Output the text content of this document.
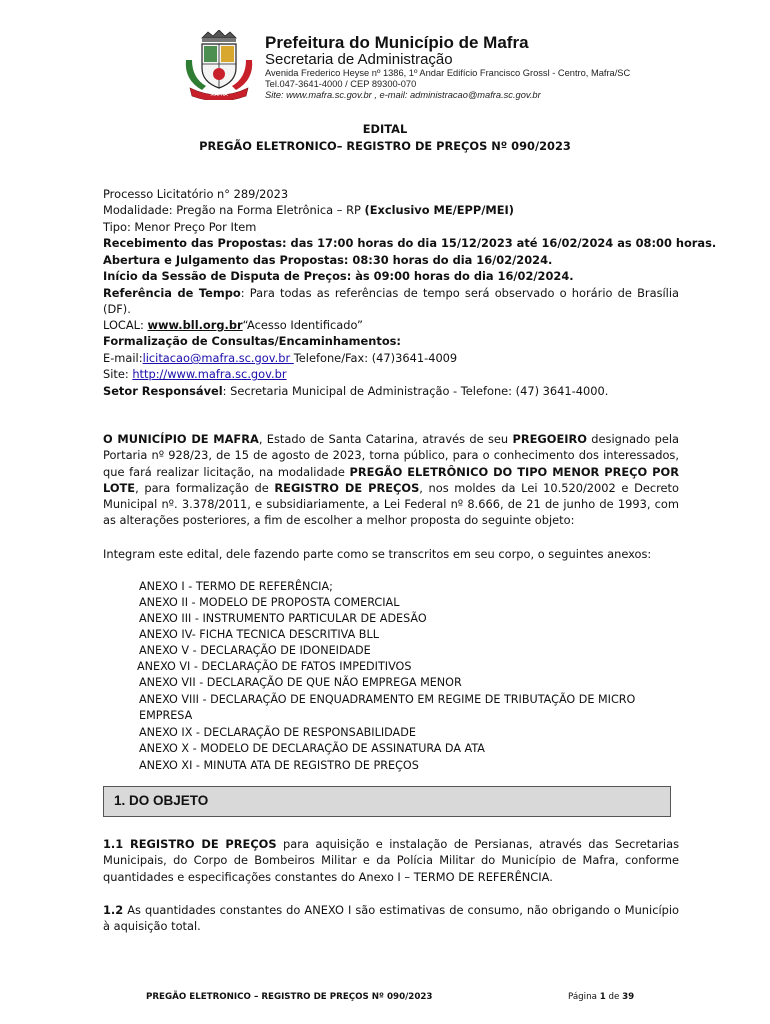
MAFRA
Prefeitura do Município de Mafra
Secretaria de Administração
Avenida Frederico Heyse nº 1386, 1º Andar Edifício Francisco Grossl - Centro, Mafra/SC
Tel.047-3641-4000 / CEP 89300-070
Site: www.mafra.sc.gov.br , e-mail: administracao@mafra.sc.gov.br
EDITAL
PREGÃO ELETRONICO– REGISTRO DE PREÇOS Nº 090/2023
Processo Licitatório n° 289/2023
Modalidade: Pregão na Forma Eletrônica – RP (Exclusivo ME/EPP/MEI)
Tipo: Menor Preço Por Item
Recebimento das Propostas: das 17:00 horas do dia 15/12/2023 até 16/02/2024 as 08:00 horas.
Abertura e Julgamento das Propostas: 08:30 horas do dia 16/02/2024.
Início da Sessão de Disputa de Preços: às 09:00 horas do dia 16/02/2024.
Referência de Tempo: Para todas as referências de tempo será observado o horário de Brasília (DF).
LOCAL: www.bll.org.br“Acesso Identificado”
Formalização de Consultas/Encaminhamentos:
E-mail:licitacao@mafra.sc.gov.br Telefone/Fax: (47)3641-4009
Site: http://www.mafra.sc.gov.br
Setor Responsável: Secretaria Municipal de Administração - Telefone: (47) 3641-4000.
O MUNICÍPIO DE MAFRA, Estado de Santa Catarina, através de seu PREGOEIRO designado pela Portaria nº 928/23, de 15 de agosto de 2023, torna público, para o conhecimento dos interessados, que fará realizar licitação, na modalidade PREGÃO ELETRÔNICO DO TIPO MENOR PREÇO POR LOTE, para formalização de REGISTRO DE PREÇOS, nos moldes da Lei 10.520/2002 e Decreto Municipal nº. 3.378/2011, e subsidiariamente, a Lei Federal nº 8.666, de 21 de junho de 1993, com as alterações posteriores, a fim de escolher a melhor proposta do seguinte objeto:
Integram este edital, dele fazendo parte como se transcritos em seu corpo, o seguintes anexos:
ANEXO I - TERMO DE REFERÊNCIA;
ANEXO II - MODELO DE PROPOSTA COMERCIAL
ANEXO III - INSTRUMENTO PARTICULAR DE ADESÃO
ANEXO IV- FICHA TECNICA DESCRITIVA BLL
ANEXO V - DECLARAÇÃO DE IDONEIDADE
ANEXO VI - DECLARAÇÃO DE FATOS IMPEDITIVOS
ANEXO VII - DECLARAÇÃO DE QUE NÃO EMPREGA MENOR
ANEXO VIII - DECLARAÇÃO DE ENQUADRAMENTO EM REGIME DE TRIBUTAÇÃO DE MICRO EMPRESA
ANEXO IX - DECLARAÇÃO DE RESPONSABILIDADE
ANEXO X - MODELO DE DECLARAÇÃO DE ASSINATURA DA ATA
ANEXO XI - MINUTA ATA DE REGISTRO DE PREÇOS
1. DO OBJETO
1.1 REGISTRO DE PREÇOS para aquisição e instalação de Persianas, através das Secretarias Municipais, do Corpo de Bombeiros Militar e da Polícia Militar do Município de Mafra, conforme quantidades e especificações constantes do Anexo I – TERMO DE REFERÊNCIA.
1.2 As quantidades constantes do ANEXO I são estimativas de consumo, não obrigando o Município à aquisição total.
PREGÃO ELETRONICO – REGISTRO DE PREÇOS Nº 090/2023	Página 1 de 39
